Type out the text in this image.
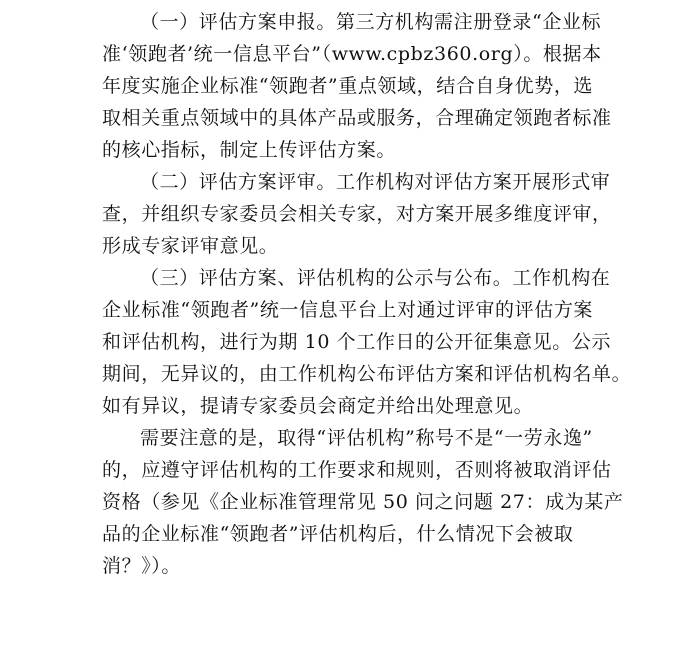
（一）评估方案申报。第三方机构需注册登录“企业标
准‘领跑者’统一信息平台”（www.cpbz360.org）。根据本
年度实施企业标准“领跑者”重点领域，结合自身优势，选
取相关重点领域中的具体产品或服务，合理确定领跑者标准
的核心指标，制定上传评估方案。

（二）评估方案评审。工作机构对评估方案开展形式审
查，并组织专家委员会相关专家，对方案开展多维度评审，
形成专家评审意见。

（三）评估方案、评估机构的公示与公布。工作机构在
企业标准“领跑者”统一信息平台上对通过评审的评估方案
和评估机构，进行为期 10 个工作日的公开征集意见。公示
期间，无异议的，由工作机构公布评估方案和评估机构名单。
如有异议，提请专家委员会商定并给出处理意见。

需要注意的是，取得“评估机构”称号不是“一劳永逸”
的，应遵守评估机构的工作要求和规则，否则将被取消评估
资格（参见《企业标准管理常见 50 问之问题 27：成为某产
品的企业标准“领跑者”评估机构后，什么情况下会被取
消？》）。
